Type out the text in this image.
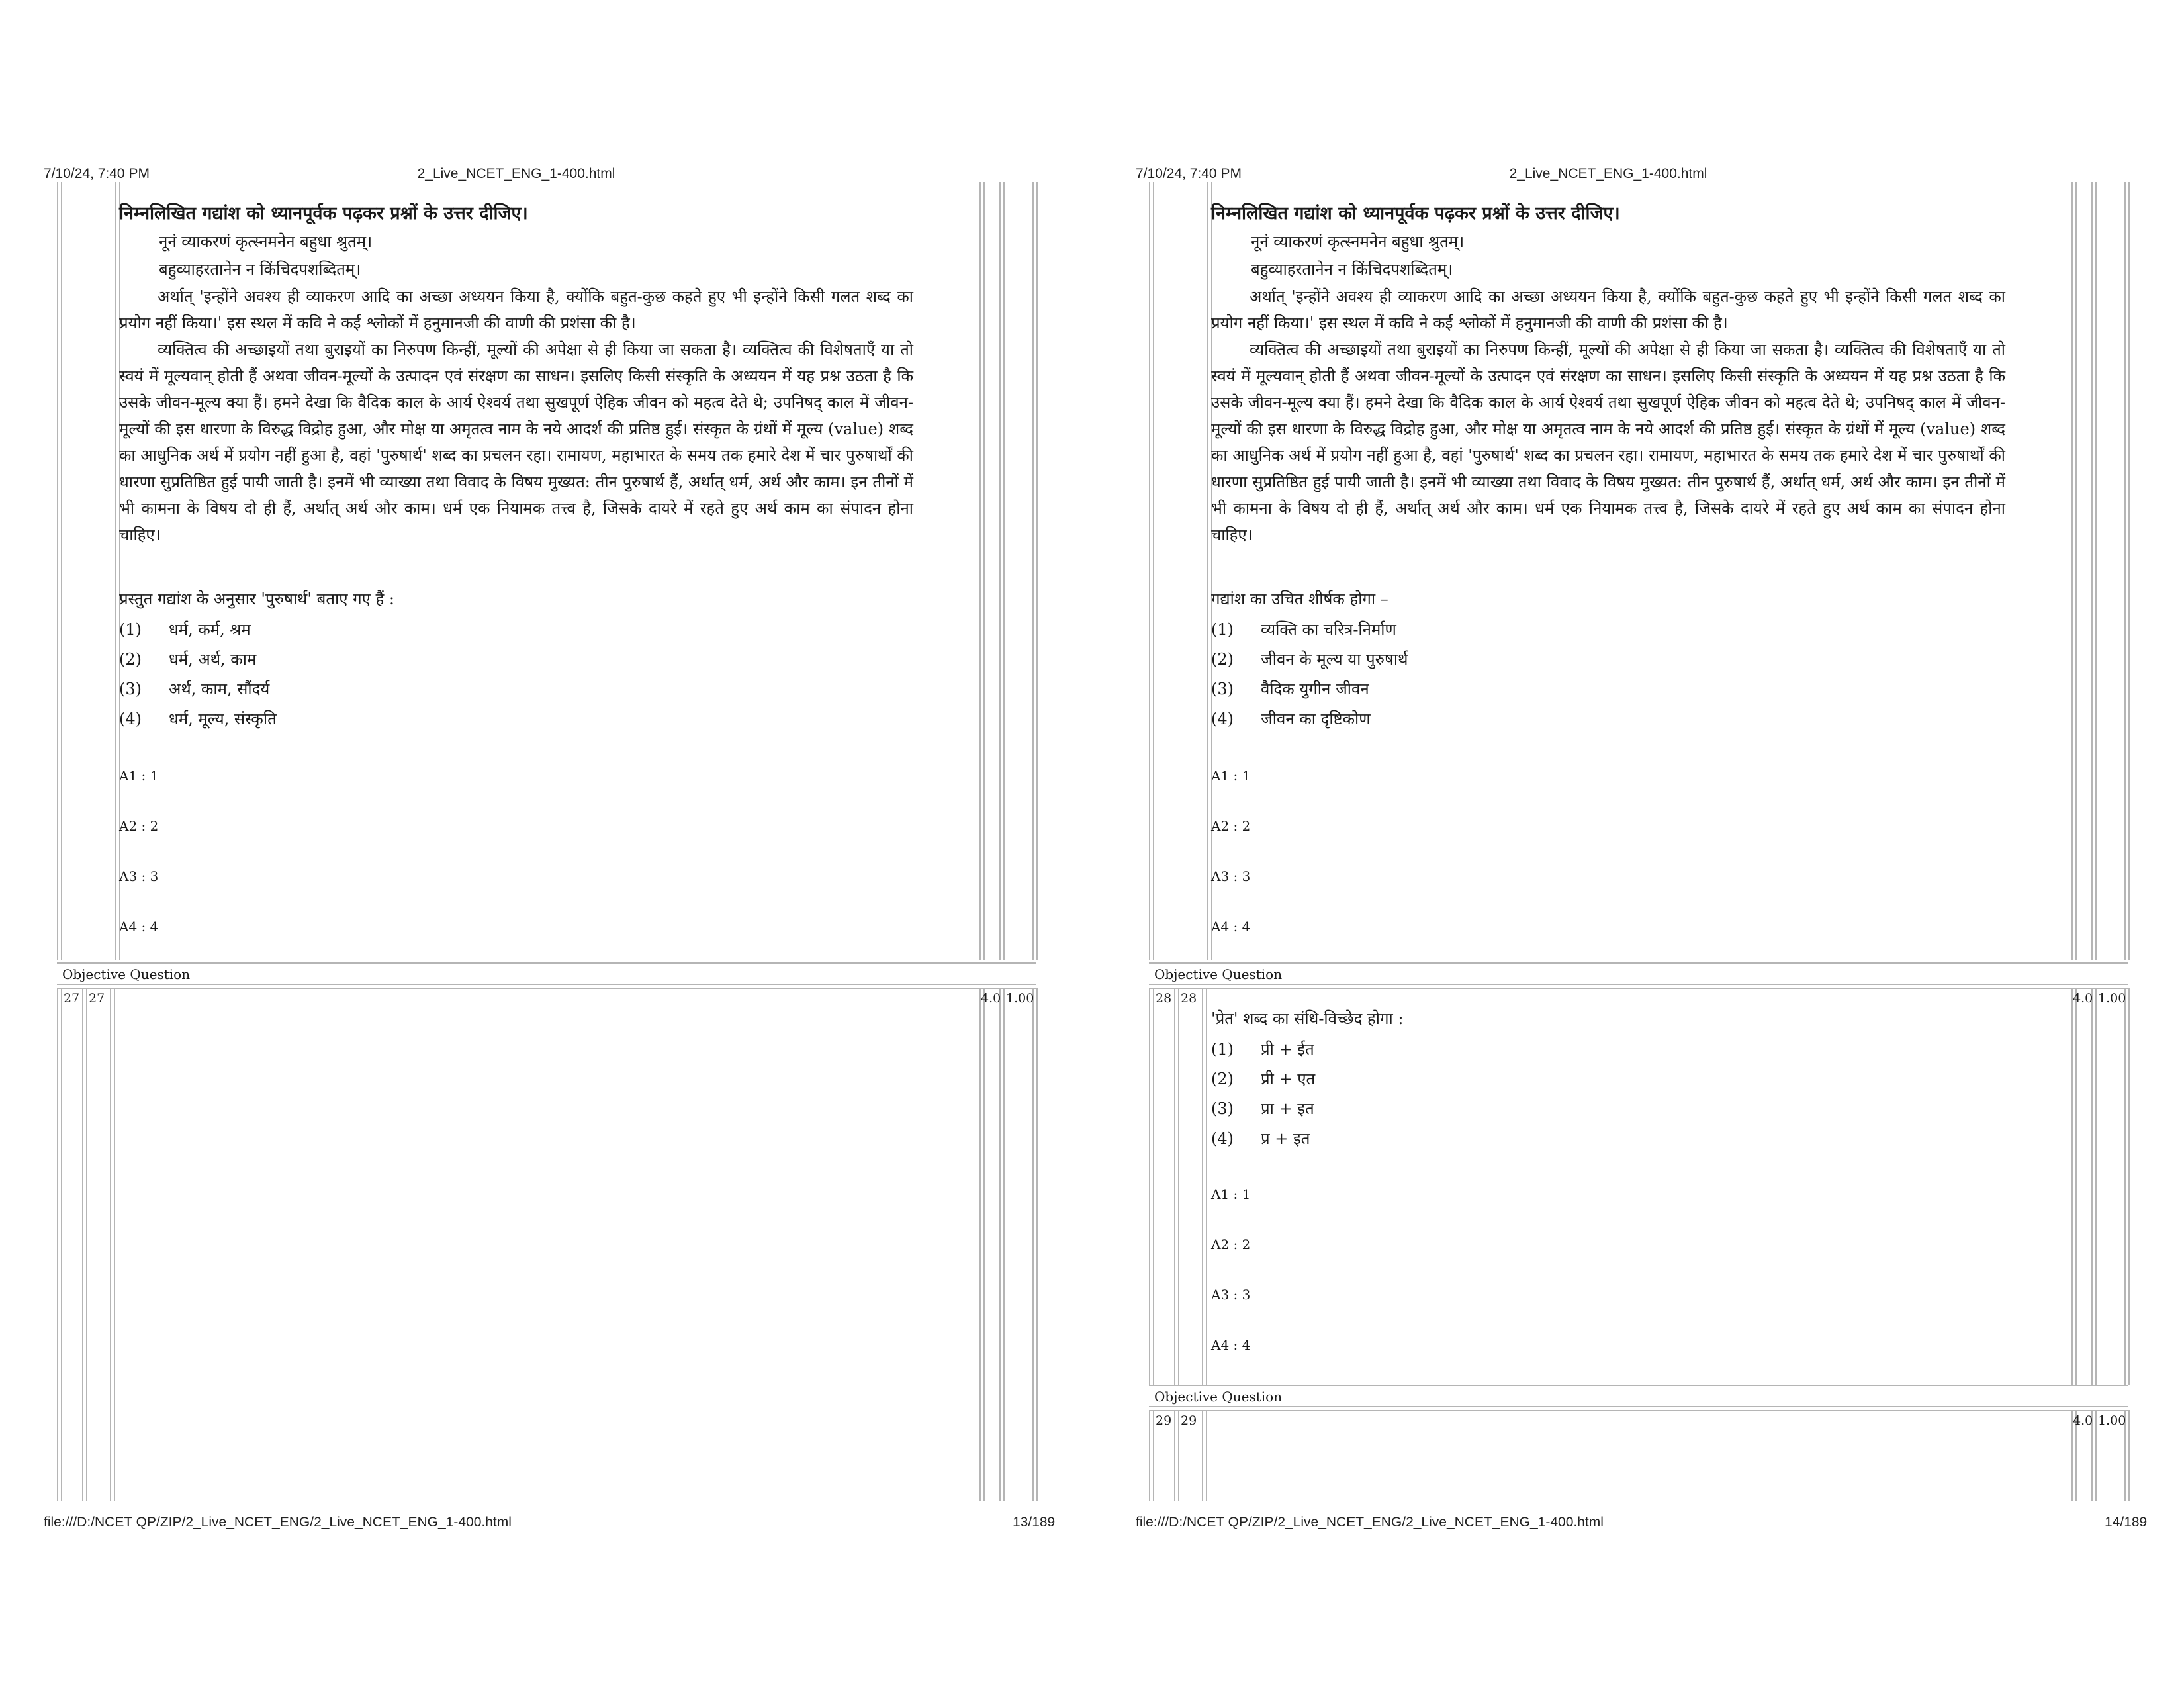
7/10/24, 7:40 PM	2_Live_NCET_ENG_1-400.html
निम्नलिखित गद्यांश को ध्यानपूर्वक पढ़कर प्रश्नों के उत्तर दीजिए।
नूनं व्याकरणं कृत्स्नमनेन बहुधा श्रुतम्।
बहुव्याहरतानेन न किंचिदपशब्दितम्।
अर्थात् 'इन्होंने अवश्य ही व्याकरण आदि का अच्छा अध्ययन किया है, क्योंकि बहुत-कुछ कहते हुए भी इन्होंने किसी गलत शब्द का प्रयोग नहीं किया।' इस स्थल में कवि ने कई श्लोकों में हनुमानजी की वाणी की प्रशंसा की है।
व्यक्तित्व की अच्छाइयों तथा बुराइयों का निरुपण किन्हीं, मूल्यों की अपेक्षा से ही किया जा सकता है। व्यक्तित्व की विशेषताएँ या तो स्वयं में मूल्यवान् होती हैं अथवा जीवन-मूल्यों के उत्पादन एवं संरक्षण का साधन। इसलिए किसी संस्कृति के अध्ययन में यह प्रश्न उठता है कि उसके जीवन-मूल्य क्या हैं। हमने देखा कि वैदिक काल के आर्य ऐश्वर्य तथा सुखपूर्ण ऐहिक जीवन को महत्व देते थे; उपनिषद् काल में जीवन-मूल्यों की इस धारणा के विरुद्ध विद्रोह हुआ, और मोक्ष या अमृतत्व नाम के नये आदर्श की प्रतिष्ठ हुई। संस्कृत के ग्रंथों में मूल्य (value) शब्द का आधुनिक अर्थ में प्रयोग नहीं हुआ है, वहां 'पुरुषार्थ' शब्द का प्रचलन रहा। रामायण, महाभारत के समय तक हमारे देश में चार पुरुषार्थों की धारणा सुप्रतिष्ठित हुई पायी जाती है। इनमें भी व्याख्या तथा विवाद के विषय मुख्यत: तीन पुरुषार्थ हैं, अर्थात् धर्म, अर्थ और काम। इन तीनों में भी कामना के विषय दो ही हैं, अर्थात् अर्थ और काम। धर्म एक नियामक तत्त्व है, जिसके दायरे में रहते हुए अर्थ काम का संपादन होना चाहिए।
प्रस्तुत गद्यांश के अनुसार 'पुरुषार्थ' बताए गए हैं :
(1) धर्म, कर्म, श्रम
(2) धर्म, अर्थ, काम
(3) अर्थ, काम, सौंदर्य
(4) धर्म, मूल्य, संस्कृति
A1 : 1
A2 : 2
A3 : 3
A4 : 4
Objective Question
27 27	4.0 1.00
file:///D:/NCET QP/ZIP/2_Live_NCET_ENG/2_Live_NCET_ENG_1-400.html	13/189
7/10/24, 7:40 PM	2_Live_NCET_ENG_1-400.html
निम्नलिखित गद्यांश को ध्यानपूर्वक पढ़कर प्रश्नों के उत्तर दीजिए।
नूनं व्याकरणं कृत्स्नमनेन बहुधा श्रुतम्।
बहुव्याहरतानेन न किंचिदपशब्दितम्।
अर्थात् 'इन्होंने अवश्य ही व्याकरण आदि का अच्छा अध्ययन किया है, क्योंकि बहुत-कुछ कहते हुए भी इन्होंने किसी गलत शब्द का प्रयोग नहीं किया।' इस स्थल में कवि ने कई श्लोकों में हनुमानजी की वाणी की प्रशंसा की है।
व्यक्तित्व की अच्छाइयों तथा बुराइयों का निरुपण किन्हीं, मूल्यों की अपेक्षा से ही किया जा सकता है। व्यक्तित्व की विशेषताएँ या तो स्वयं में मूल्यवान् होती हैं अथवा जीवन-मूल्यों के उत्पादन एवं संरक्षण का साधन। इसलिए किसी संस्कृति के अध्ययन में यह प्रश्न उठता है कि उसके जीवन-मूल्य क्या हैं। हमने देखा कि वैदिक काल के आर्य ऐश्वर्य तथा सुखपूर्ण ऐहिक जीवन को महत्व देते थे; उपनिषद् काल में जीवन-मूल्यों की इस धारणा के विरुद्ध विद्रोह हुआ, और मोक्ष या अमृतत्व नाम के नये आदर्श की प्रतिष्ठ हुई। संस्कृत के ग्रंथों में मूल्य (value) शब्द का आधुनिक अर्थ में प्रयोग नहीं हुआ है, वहां 'पुरुषार्थ' शब्द का प्रचलन रहा। रामायण, महाभारत के समय तक हमारे देश में चार पुरुषार्थों की धारणा सुप्रतिष्ठित हुई पायी जाती है। इनमें भी व्याख्या तथा विवाद के विषय मुख्यत: तीन पुरुषार्थ हैं, अर्थात् धर्म, अर्थ और काम। इन तीनों में भी कामना के विषय दो ही हैं, अर्थात् अर्थ और काम। धर्म एक नियामक तत्त्व है, जिसके दायरे में रहते हुए अर्थ काम का संपादन होना चाहिए।
गद्यांश का उचित शीर्षक होगा –
(1) व्यक्ति का चरित्र-निर्माण
(2) जीवन के मूल्य या पुरुषार्थ
(3) वैदिक युगीन जीवन
(4) जीवन का दृष्टिकोण
A1 : 1
A2 : 2
A3 : 3
A4 : 4
Objective Question
28 28	4.0 1.00
'प्रेत' शब्द का संधि-विच्छेद होगा :
(1) प्री + ईत
(2) प्री + एत
(3) प्रा + इत
(4) प्र + इत
A1 : 1
A2 : 2
A3 : 3
A4 : 4
Objective Question
29 29	4.0 1.00
file:///D:/NCET QP/ZIP/2_Live_NCET_ENG/2_Live_NCET_ENG_1-400.html	14/189
